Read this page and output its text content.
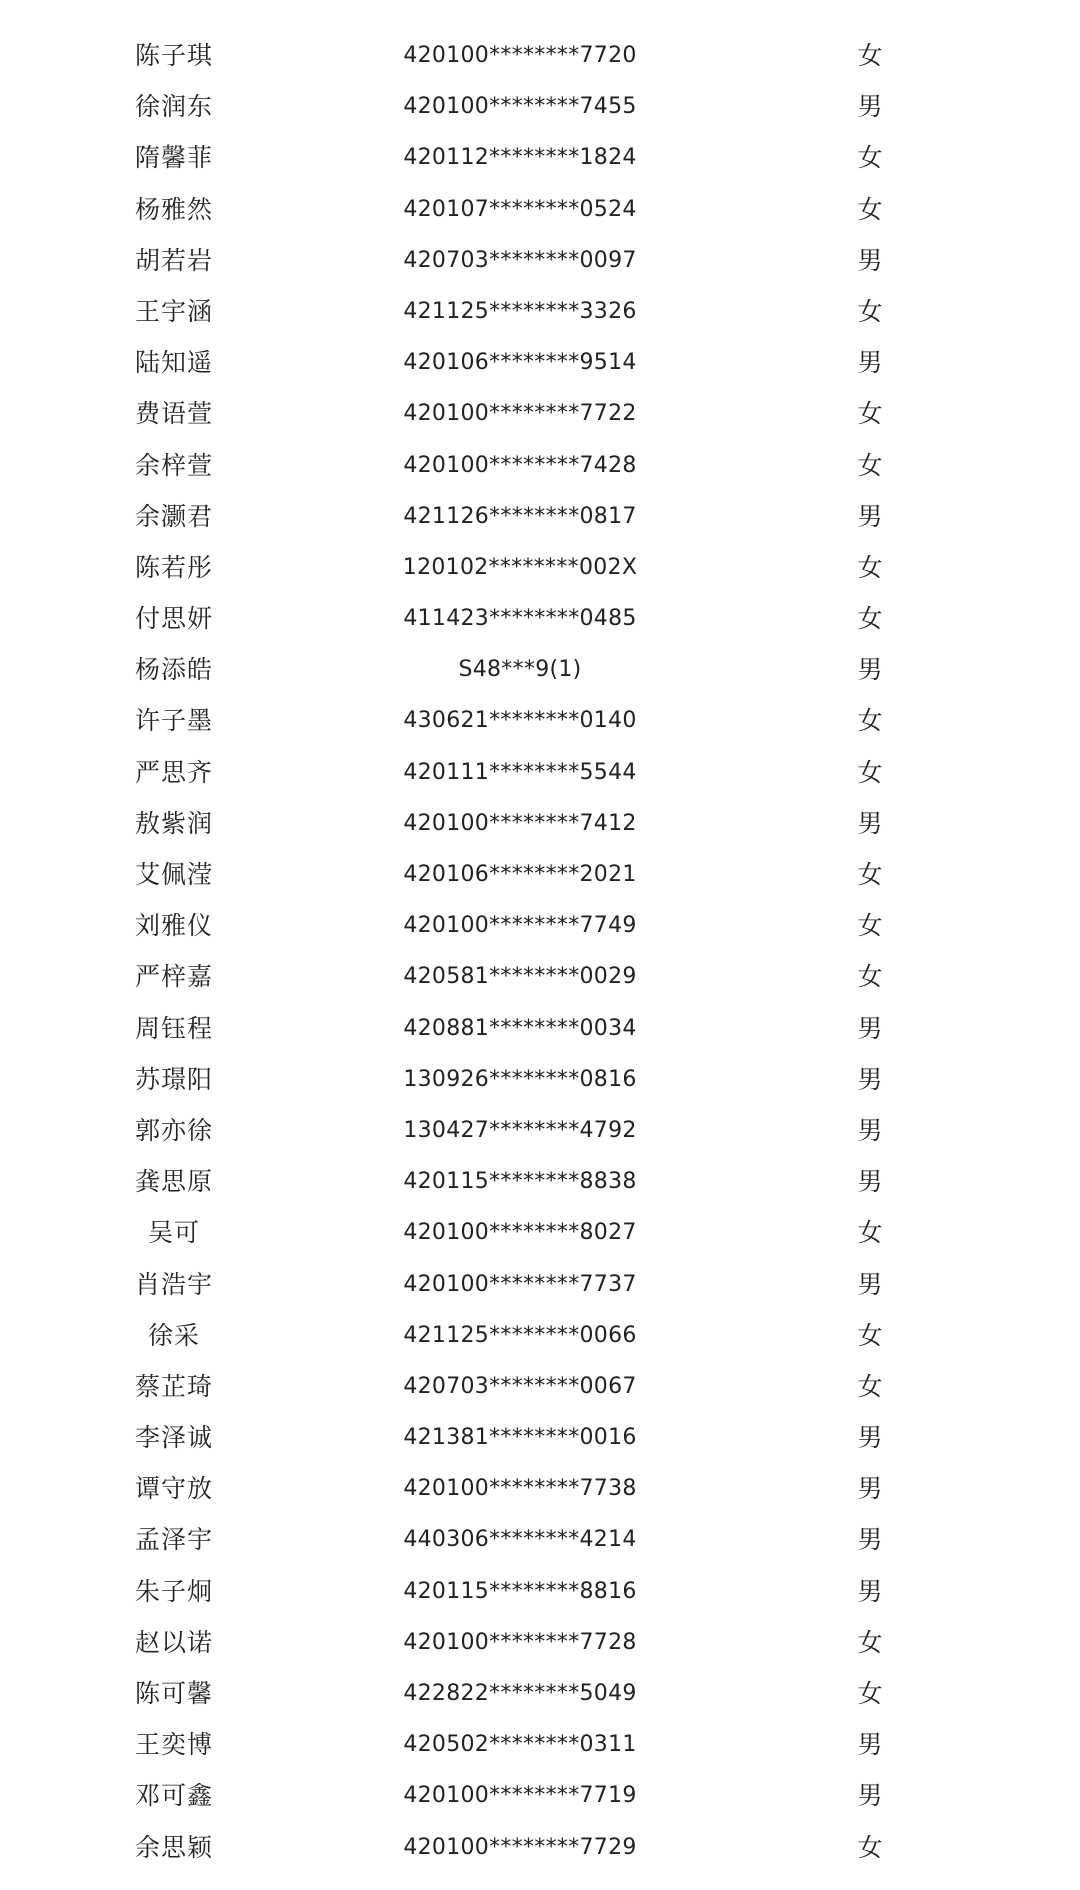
陈子琪	420100********7720	女
徐润东	420100********7455	男
隋馨菲	420112********1824	女
杨雅然	420107********0524	女
胡若岩	420703********0097	男
王宇涵	421125********3326	女
陆知遥	420106********9514	男
费语萱	420100********7722	女
余梓萱	420100********7428	女
余灏君	421126********0817	男
陈若彤	120102********002X	女
付思妍	411423********0485	女
杨添皓	S48***9(1)	男
许子墨	430621********0140	女
严思齐	420111********5544	女
敖紫润	420100********7412	男
艾佩滢	420106********2021	女
刘雅仪	420100********7749	女
严梓嘉	420581********0029	女
周钰程	420881********0034	男
苏璟阳	130926********0816	男
郭亦徐	130427********4792	男
龚思原	420115********8838	男
吴可	420100********8027	女
肖浩宇	420100********7737	男
徐采	421125********0066	女
蔡芷琦	420703********0067	女
李泽诚	421381********0016	男
谭守放	420100********7738	男
孟泽宇	440306********4214	男
朱子炯	420115********8816	男
赵以诺	420100********7728	女
陈可馨	422822********5049	女
王奕博	420502********0311	男
邓可鑫	420100********7719	男
余思颖	420100********7729	女
